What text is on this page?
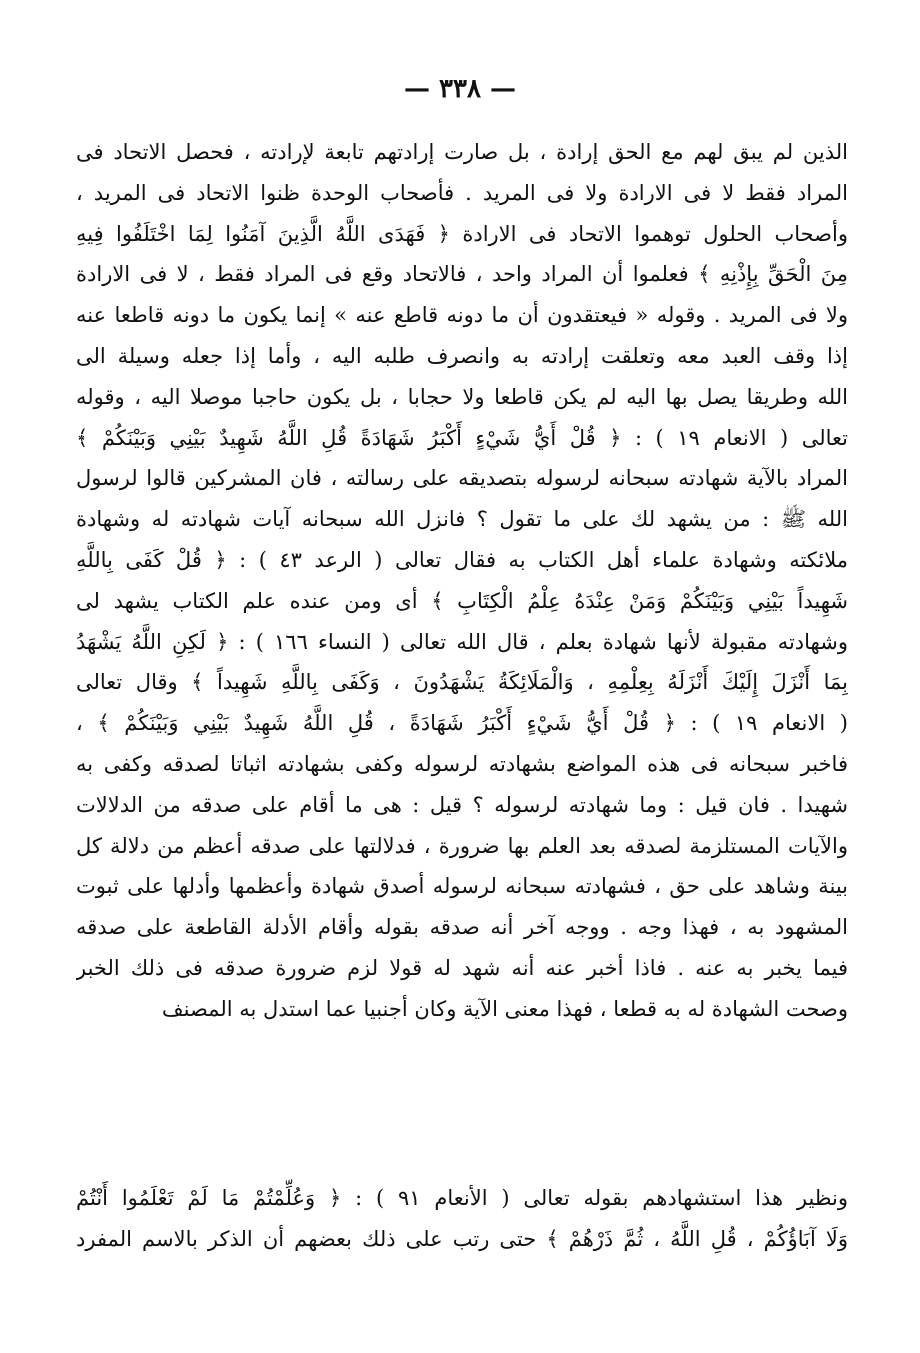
— ٣٣٨ —
الذين لم يبق لهم مع الحق إرادة ، بل صارت إرادتهم تابعة لإرادته ، فحصل الاتحاد فى
المراد فقط لا فى الارادة ولا فى المريد . فأصحاب الوحدة ظنوا الاتحاد فى المريد ،
وأصحاب الحلول توهموا الاتحاد فى الارادة ﴿ فَهَدَى اللَّهُ الَّذِينَ آمَنُوا لِمَا اخْتَلَفُوا فِيهِ
مِنَ الْحَقِّ بِإِذْنِهِ ﴾ فعلموا أن المراد واحد ، فالاتحاد وقع فى المراد فقط ، لا فى الارادة
ولا فى المريد . وقوله « فيعتقدون أن ما دونه قاطع عنه » إنما يكون ما دونه قاطعا عنه
إذا وقف العبد معه وتعلقت إرادته به وانصرف طلبه اليه ، وأما إذا جعله وسيلة الى
الله وطريقا يصل بها اليه لم يكن قاطعا ولا حجابا ، بل يكون حاجبا موصلا اليه ، وقوله
تعالى ( الانعام ١٩ ) : ﴿ قُلْ أَيُّ شَيْءٍ أَكْبَرُ شَهَادَةً قُلِ اللَّهُ شَهِيدٌ بَيْنِي وَبَيْنَكُمْ ﴾
المراد بالآية شهادته سبحانه لرسوله بتصديقه على رسالته ، فان المشركين قالوا لرسول
الله ﷺ : من يشهد لك على ما تقول ؟ فانزل الله سبحانه آيات شهادته له وشهادة
ملائكته وشهادة علماء أهل الكتاب به فقال تعالى ( الرعد ٤٣ ) : ﴿ قُلْ كَفَى بِاللَّهِ
شَهِيداً بَيْنِي وَبَيْنَكُمْ وَمَنْ عِنْدَهُ عِلْمُ الْكِتَابِ ﴾ أى ومن عنده علم الكتاب يشهد لى
وشهادته مقبولة لأنها شهادة بعلم ، قال الله تعالى ( النساء ١٦٦ ) : ﴿ لَكِنِ اللَّهُ يَشْهَدُ
بِمَا أَنْزَلَ إِلَيْكَ أَنْزَلَهُ بِعِلْمِهِ ، وَالْمَلَائِكَةُ يَشْهَدُونَ ، وَكَفَى بِاللَّهِ شَهِيداً ﴾ وقال تعالى
( الانعام ١٩ ) : ﴿ قُلْ أَيُّ شَيْءٍ أَكْبَرُ شَهَادَةً ، قُلِ اللَّهُ شَهِيدٌ بَيْنِي وَبَيْنَكُمْ ﴾ ،
فاخبر سبحانه فى هذه المواضع بشهادته لرسوله وكفى بشهادته اثباتا لصدقه وكفى به
شهيدا . فان قيل : وما شهادته لرسوله ؟ قيل : هى ما أقام على صدقه من الدلالات
والآيات المستلزمة لصدقه بعد العلم بها ضرورة ، فدلالتها على صدقه أعظم من دلالة كل
بينة وشاهد على حق ، فشهادته سبحانه لرسوله أصدق شهادة وأعظمها وأدلها على ثبوت
المشهود به ، فهذا وجه . ووجه آخر أنه صدقه بقوله وأقام الأدلة القاطعة على صدقه
فيما يخبر به عنه . فاذا أخبر عنه أنه شهد له قولا لزم ضرورة صدقه فى ذلك الخبر
وصحت الشهادة له به قطعا ، فهذا معنى الآية وكان أجنبيا عما استدل به المصنف
ونظير هذا استشهادهم بقوله تعالى ( الأنعام ٩١ ) : ﴿ وَعُلِّمْتُمْ مَا لَمْ تَعْلَمُوا أَنْتُمْ
وَلَا آبَاؤُكُمْ ، قُلِ اللَّهُ ، ثُمَّ ذَرْهُمْ ﴾ حتى رتب على ذلك بعضهم أن الذكر بالاسم المفرد
